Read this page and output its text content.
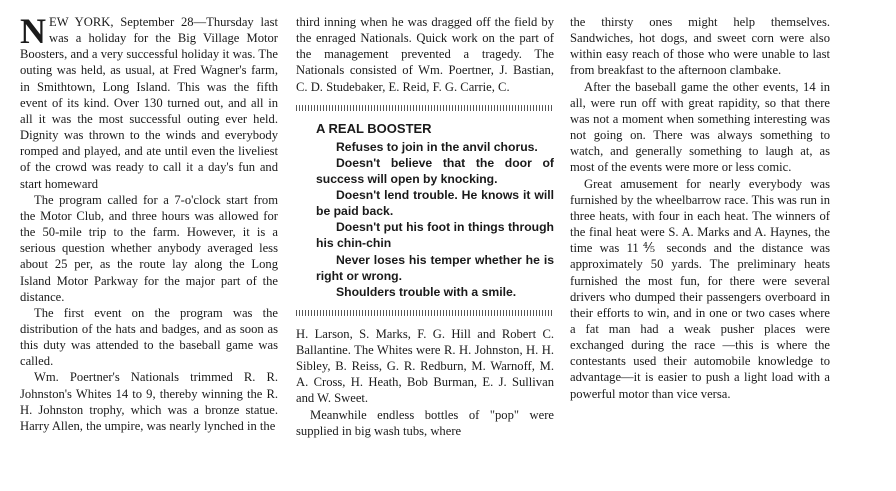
NEW YORK, September 28—Thursday last was a holiday for the Big Village Motor Boosters, and a very successful holiday it was. The outing was held, as usual, at Fred Wagner's farm, in Smithtown, Long Island. This was the fifth event of its kind. Over 130 turned out, and all in all it was the most successful outing ever held. Dignity was thrown to the winds and everybody romped and played, and ate until even the liveliest of the crowd was ready to call it a day's fun and start homeward

The program called for a 7-o'clock start from the Motor Club, and three hours was allowed for the 50-mile trip to the farm. However, it is a serious question whether anybody averaged less about 25 per, as the route lay along the Long Island Motor Parkway for the major part of the distance.

The first event on the program was the distribution of the hats and badges, and as soon as this duty was attended to the baseball game was called.

Wm. Poertner's Nationals trimmed R. R. Johnston's Whites 14 to 9, thereby winning the R. H. Johnston trophy, which was a bronze statue. Harry Allen, the umpire, was nearly lynched in the

third inning when he was dragged off the field by the enraged Nationals. Quick work on the part of the management prevented a tragedy. The Nationals consisted of Wm. Poertner, J. Bastian, C. D. Studebaker, E. Reid, F. G. Carrie, C.

A REAL BOOSTER

Refuses to join in the anvil chorus.

Doesn't believe that the door of success will open by knocking.

Doesn't lend trouble. He knows it will be paid back.

Doesn't put his foot in things through his chin-chin

Never loses his temper whether he is right or wrong.

Shoulders trouble with a smile.

H. Larson, S. Marks, F. G. Hill and Robert C. Ballantine. The Whites were R. H. Johnston, H. H. Sibley, B. Reiss, G. R. Redburn, M. Warnoff, M. A. Cross, H. Heath, Bob Burman, E. J. Sullivan and W. Sweet.

Meanwhile endless bottles of "pop" were supplied in big wash tubs, where

the thirsty ones might help themselves. Sandwiches, hot dogs, and sweet corn were also within easy reach of those who were unable to last from breakfast to the afternoon clambake.

After the baseball game the other events, 14 in all, were run off with great rapidity, so that there was not a moment when something interesting was not going on. There was always something to watch, and generally something to laugh at, as most of the events were more or less comic.

Great amusement for nearly everybody was furnished by the wheelbarrow race. This was run in three heats, with four in each heat. The winners of the final heat were S. A. Marks and A. Haynes, the time was 11⅘ seconds and the distance was approximately 50 yards. The preliminary heats furnished the most fun, for there were several drivers who dumped their passengers overboard in their efforts to win, and in one or two cases where a fat man had a weak pusher places were exchanged during the race —this is where the contestants used their automobile knowledge to advantage—it is easier to push a light load with a powerful motor than vice versa.
